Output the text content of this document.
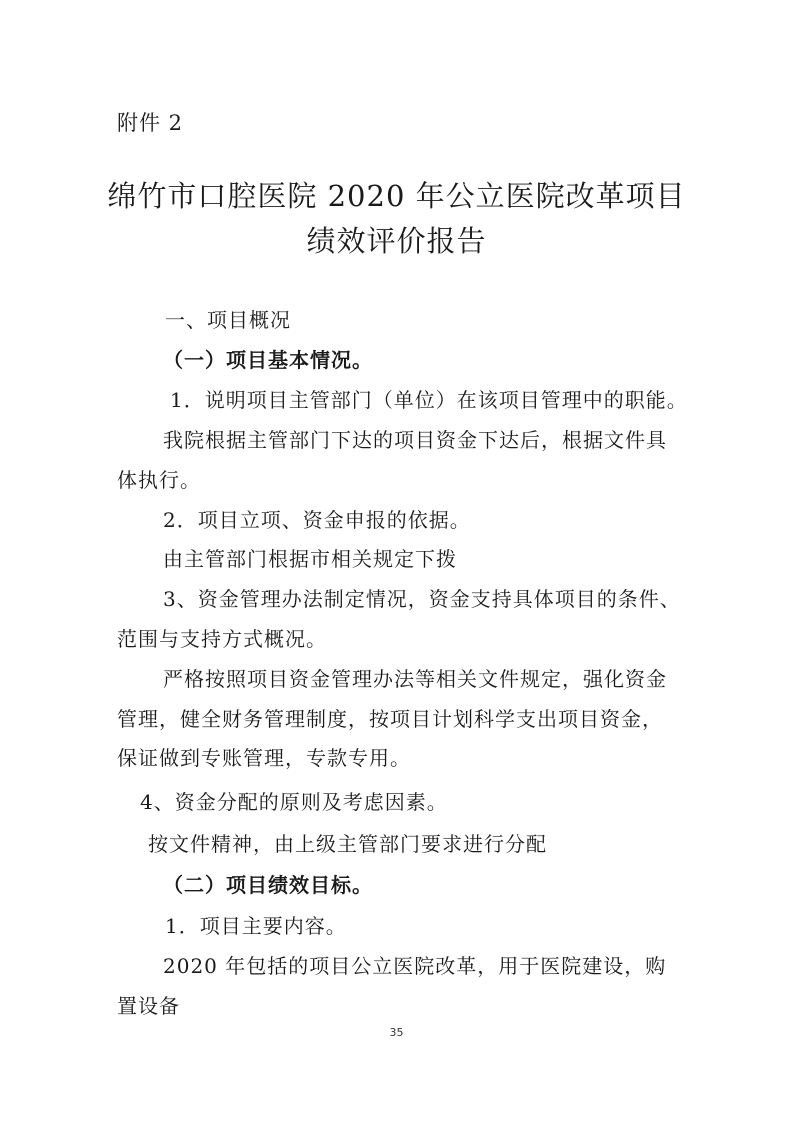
附件 2
绵竹市口腔医院 2020 年公立医院改革项目
绩效评价报告
一、项目概况
（一）项目基本情况。
1．说明项目主管部门（单位）在该项目管理中的职能。
我院根据主管部门下达的项目资金下达后，根据文件具
体执行。
2．项目立项、资金申报的依据。
由主管部门根据市相关规定下拨
3、资金管理办法制定情况，资金支持具体项目的条件、
范围与支持方式概况。
严格按照项目资金管理办法等相关文件规定，强化资金
管理，健全财务管理制度，按项目计划科学支出项目资金，
保证做到专账管理，专款专用。
4、资金分配的原则及考虑因素。
按文件精神，由上级主管部门要求进行分配
（二）项目绩效目标。
1．项目主要内容。
2020 年包括的项目公立医院改革，用于医院建设，购
置设备
35
